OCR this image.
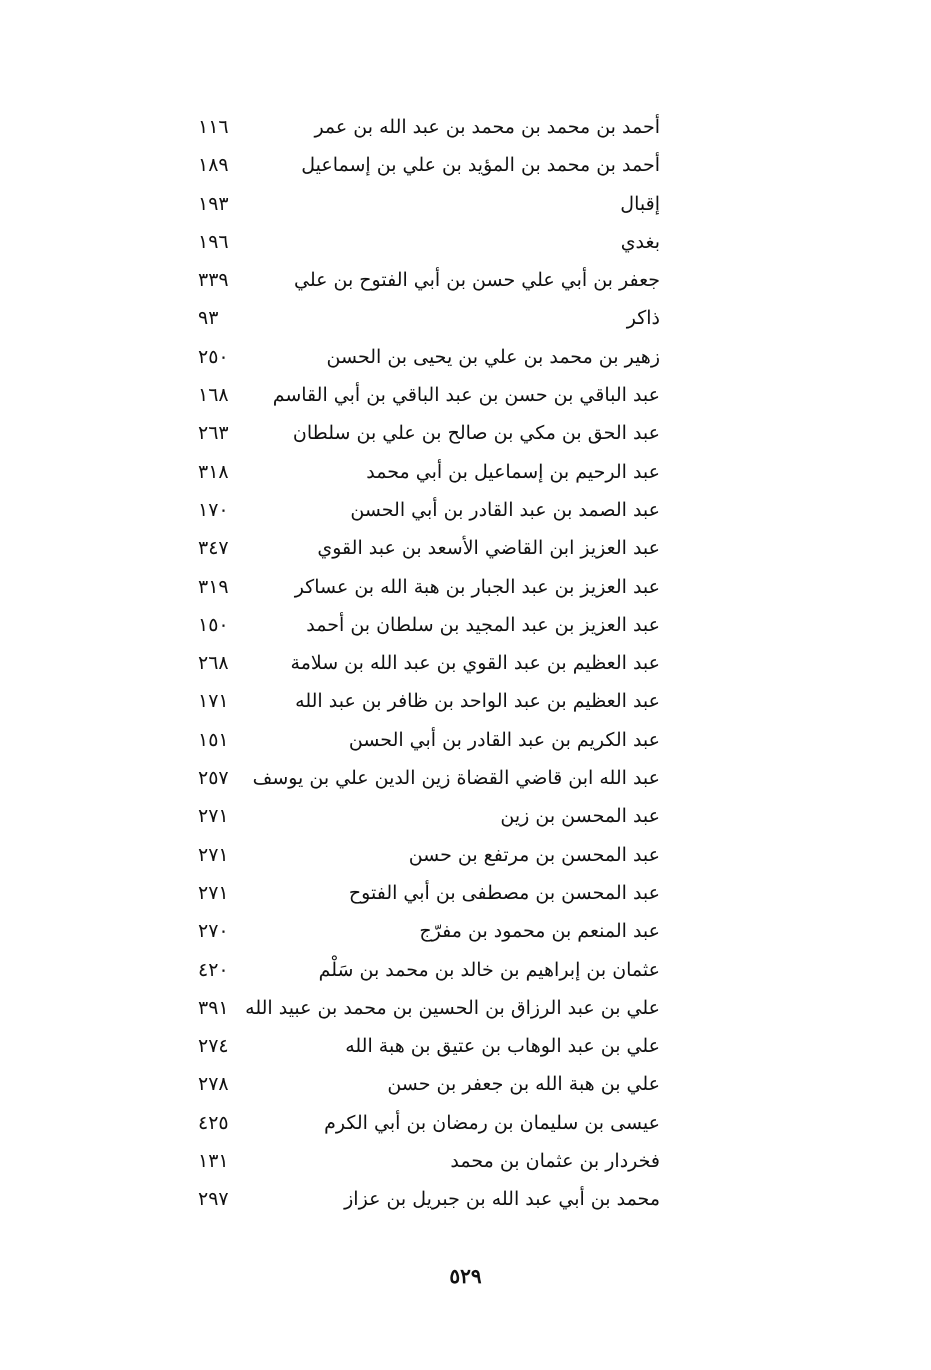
أحمد بن محمد بن محمد بن عبد الله بن عمر
١١٦
أحمد بن محمد بن المؤيد بن علي بن إسماعيل
١٨٩
إقبال
١٩٣
بغدي
١٩٦
جعفر بن أبي علي حسن بن أبي الفتوح بن علي
٣٣٩
ذاكر
٩٣
زهير بن محمد بن علي بن يحيى بن الحسن
٢٥٠
عبد الباقي بن حسن بن عبد الباقي بن أبي القاسم
١٦٨
عبد الحق بن مكي بن صالح بن علي بن سلطان
٢٦٣
عبد الرحيم بن إسماعيل بن أبي محمد
٣١٨
عبد الصمد بن عبد القادر بن أبي الحسن
١٧٠
عبد العزيز ابن القاضي الأسعد بن عبد القوي
٣٤٧
عبد العزيز بن عبد الجبار بن هبة الله بن عساكر
٣١٩
عبد العزيز بن عبد المجيد بن سلطان بن أحمد
١٥٠
عبد العظيم بن عبد القوي بن عبد الله بن سلامة
٢٦٨
عبد العظيم بن عبد الواحد بن ظافر بن عبد الله
١٧١
عبد الكريم بن عبد القادر بن أبي الحسن
١٥١
عبد الله ابن قاضي القضاة زين الدين علي بن يوسف
٢٥٧
عبد المحسن بن زين
٢٧١
عبد المحسن بن مرتفع بن حسن
٢٧١
عبد المحسن بن مصطفى بن أبي الفتوح
٢٧١
عبد المنعم بن محمود بن مفرّج
٢٧٠
عثمان بن إبراهيم بن خالد بن محمد بن سَلْم
٤٢٠
علي بن عبد الرزاق بن الحسين بن محمد بن عبيد الله
٣٩١
علي بن عبد الوهاب بن عتيق بن هبة الله
٢٧٤
علي بن هبة الله بن جعفر بن حسن
٢٧٨
عيسى بن سليمان بن رمضان بن أبي الكرم
٤٢٥
فخردار بن عثمان بن محمد
١٣١
محمد بن أبي عبد الله بن جبريل بن عزاز
٢٩٧
٥٢٩
